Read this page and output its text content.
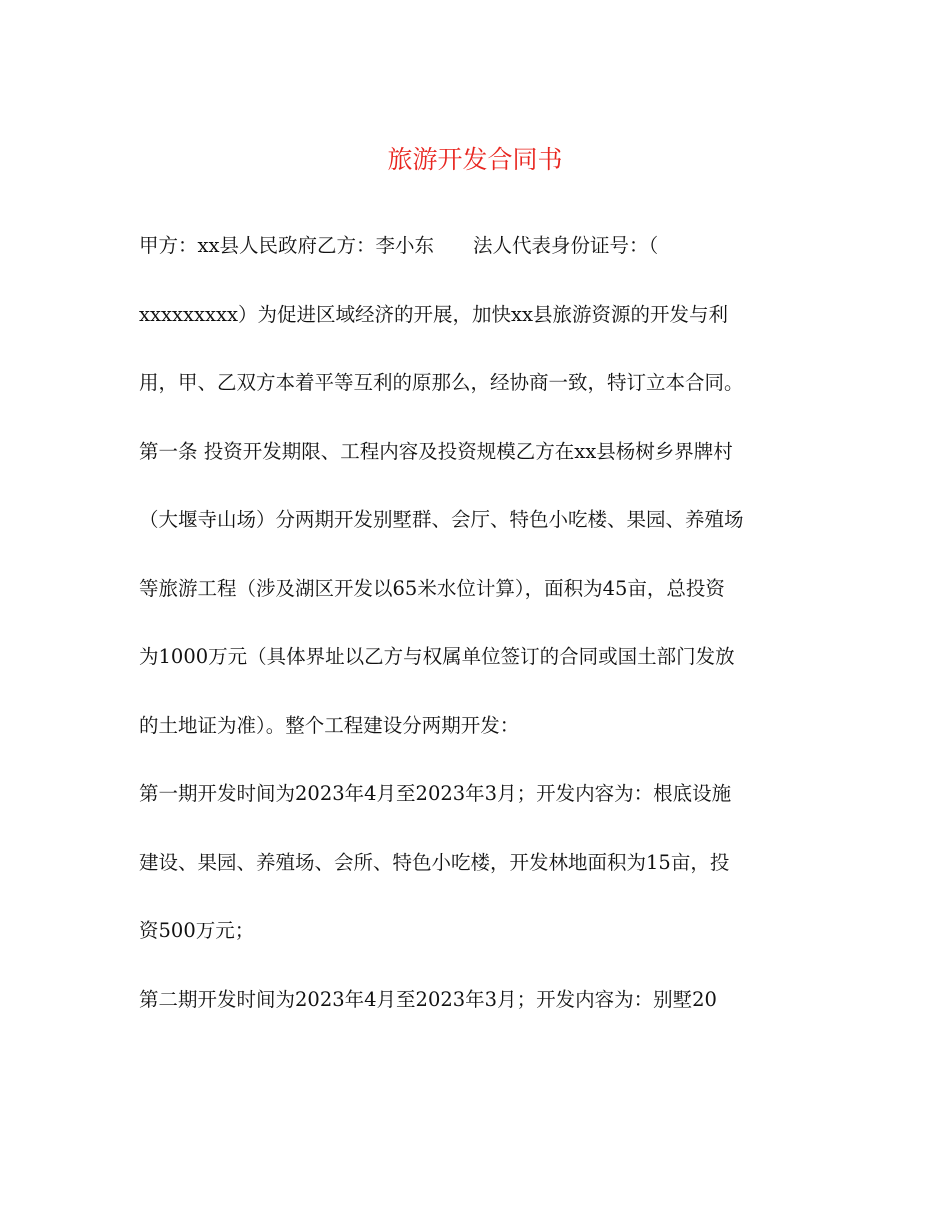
旅游开发合同书
甲方：xx县人民政府乙方：李小东　　法人代表身份证号：（
xxxxxxxxx）为促进区域经济的开展，加快xx县旅游资源的开发与利
用，甲、乙双方本着平等互利的原那么，经协商一致，特订立本合同。
第一条 投资开发期限、工程内容及投资规模乙方在xx县杨树乡界牌村
（大堰寺山场）分两期开发别墅群、会厅、特色小吃楼、果园、养殖场
等旅游工程（涉及湖区开发以65米水位计算），面积为45亩，总投资
为1000万元（具体界址以乙方与权属单位签订的合同或国土部门发放
的土地证为准）。整个工程建设分两期开发：
第一期开发时间为2023年4月至2023年3月；开发内容为：根底设施
建设、果园、养殖场、会所、特色小吃楼，开发林地面积为15亩，投
资500万元；
第二期开发时间为2023年4月至2023年3月；开发内容为：别墅20
